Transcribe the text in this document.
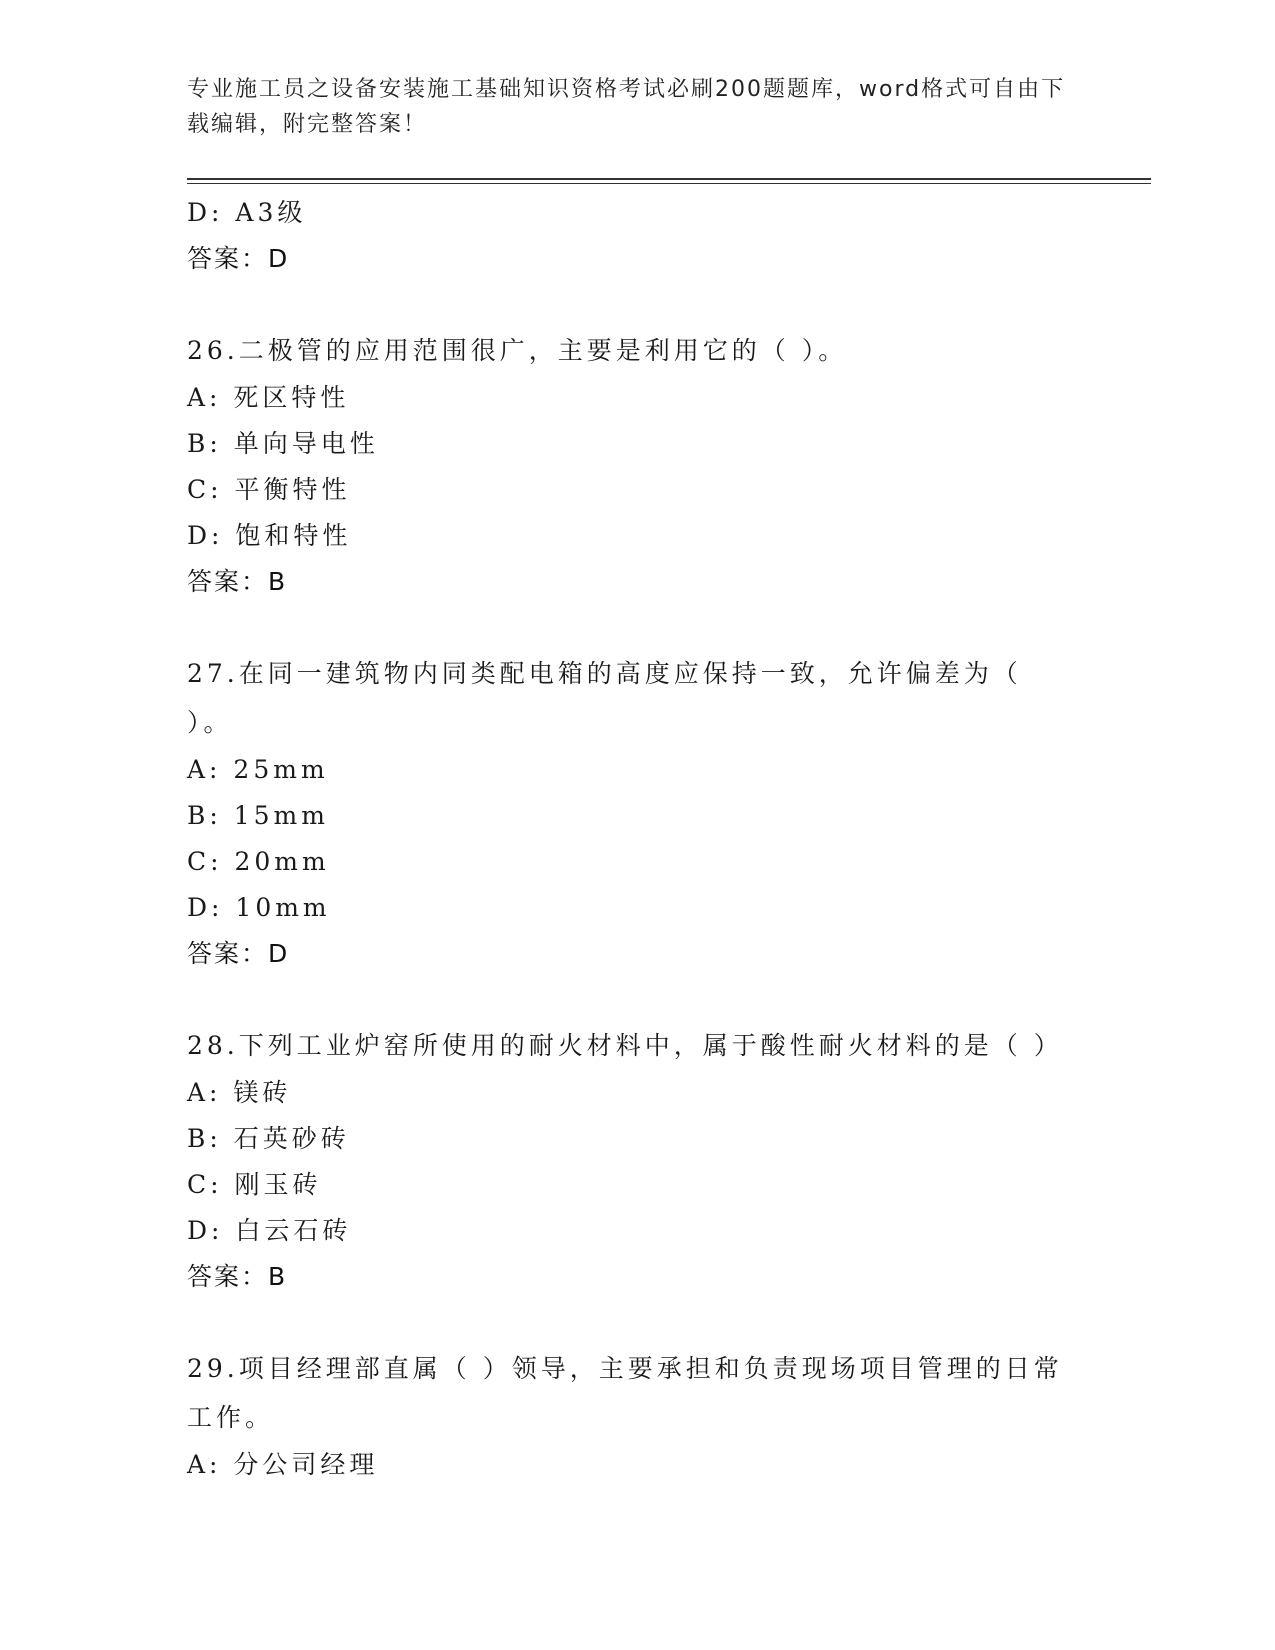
专业施工员之设备安装施工基础知识资格考试必刷200题题库，word格式可自由下载编辑，附完整答案！
D: A3级
答案：D
26.二极管的应用范围很广，主要是利用它的（ ）。
A: 死区特性
B: 单向导电性
C: 平衡特性
D: 饱和特性
答案：B
27.在同一建筑物内同类配电箱的高度应保持一致，允许偏差为（ ）。
A: 25mm
B: 15mm
C: 20mm
D: 10mm
答案：D
28.下列工业炉窑所使用的耐火材料中，属于酸性耐火材料的是（ ）
A: 镁砖
B: 石英砂砖
C: 刚玉砖
D: 白云石砖
答案：B
29.项目经理部直属（ ）领导，主要承担和负责现场项目管理的日常工作。
A: 分公司经理
